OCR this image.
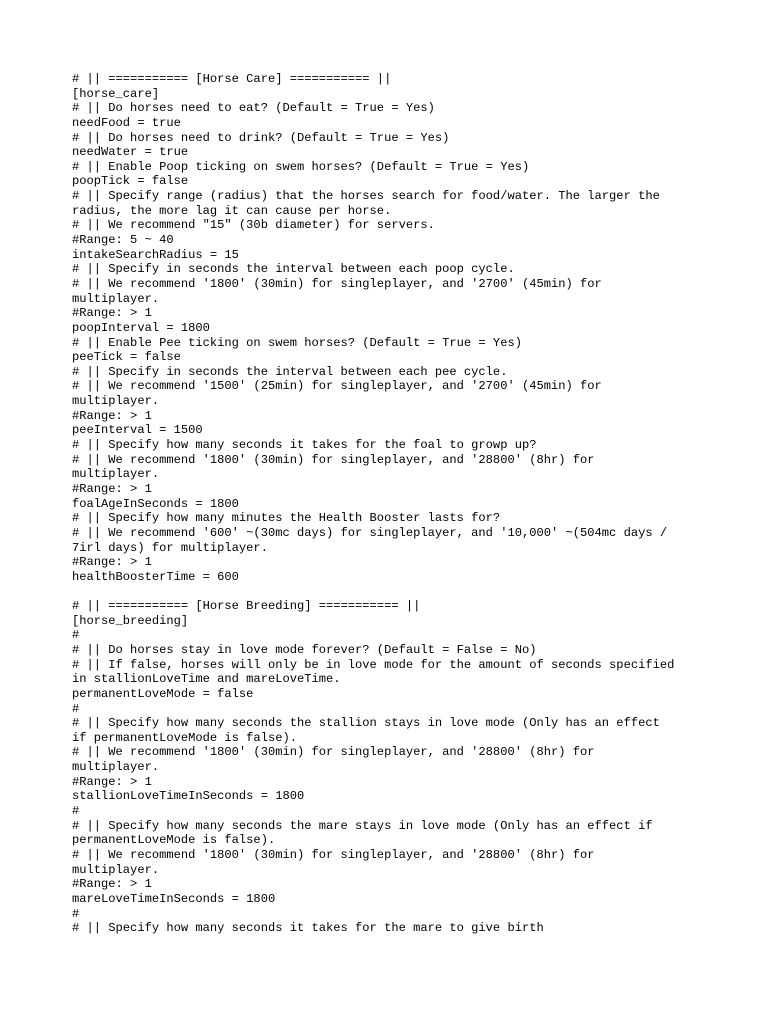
# || =========== [Horse Care] =========== ||
[horse_care]
# || Do horses need to eat? (Default = True = Yes)
needFood = true
# || Do horses need to drink? (Default = True = Yes)
needWater = true
# || Enable Poop ticking on swem horses? (Default = True = Yes)
poopTick = false
# || Specify range (radius) that the horses search for food/water. The larger the
radius, the more lag it can cause per horse.
# || We recommend "15" (30b diameter) for servers.
#Range: 5 ~ 40
intakeSearchRadius = 15
# || Specify in seconds the interval between each poop cycle.
# || We recommend '1800' (30min) for singleplayer, and '2700' (45min) for
multiplayer.
#Range: > 1
poopInterval = 1800
# || Enable Pee ticking on swem horses? (Default = True = Yes)
peeTick = false
# || Specify in seconds the interval between each pee cycle.
# || We recommend '1500' (25min) for singleplayer, and '2700' (45min) for
multiplayer.
#Range: > 1
peeInterval = 1500
# || Specify how many seconds it takes for the foal to growp up?
# || We recommend '1800' (30min) for singleplayer, and '28800' (8hr) for
multiplayer.
#Range: > 1
foalAgeInSeconds = 1800
# || Specify how many minutes the Health Booster lasts for?
# || We recommend '600' ~(30mc days) for singleplayer, and '10,000' ~(504mc days /
7irl days) for multiplayer.
#Range: > 1
healthBoosterTime = 600
# || =========== [Horse Breeding] =========== ||
[horse_breeding]
#
# || Do horses stay in love mode forever? (Default = False = No)
# || If false, horses will only be in love mode for the amount of seconds specified
in stallionLoveTime and mareLoveTime.
permanentLoveMode = false
#
# || Specify how many seconds the stallion stays in love mode (Only has an effect
if permanentLoveMode is false).
# || We recommend '1800' (30min) for singleplayer, and '28800' (8hr) for
multiplayer.
#Range: > 1
stallionLoveTimeInSeconds = 1800
#
# || Specify how many seconds the mare stays in love mode (Only has an effect if
permanentLoveMode is false).
# || We recommend '1800' (30min) for singleplayer, and '28800' (8hr) for
multiplayer.
#Range: > 1
mareLoveTimeInSeconds = 1800
#
# || Specify how many seconds it takes for the mare to give birth
